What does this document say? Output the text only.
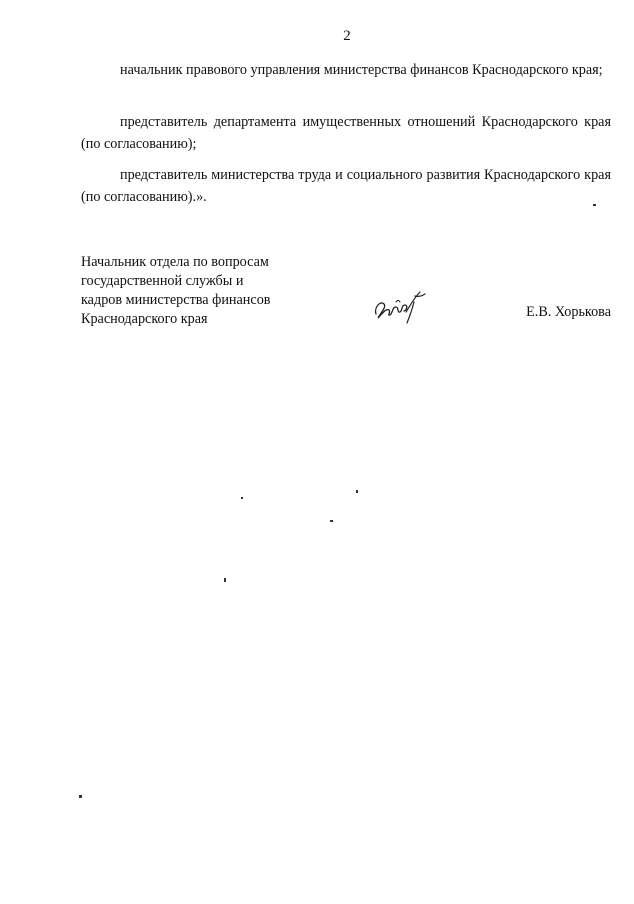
2

начальник правового управления министерства финансов Краснодарского края;

представитель департамента имущественных отношений Краснодарского края (по согласованию);

представитель министерства труда и социального развития Краснодарского края (по согласованию).».

Начальник отдела по вопросам
государственной службы и
кадров министерства финансов
Краснодарского края	Е.В. Хорькова
